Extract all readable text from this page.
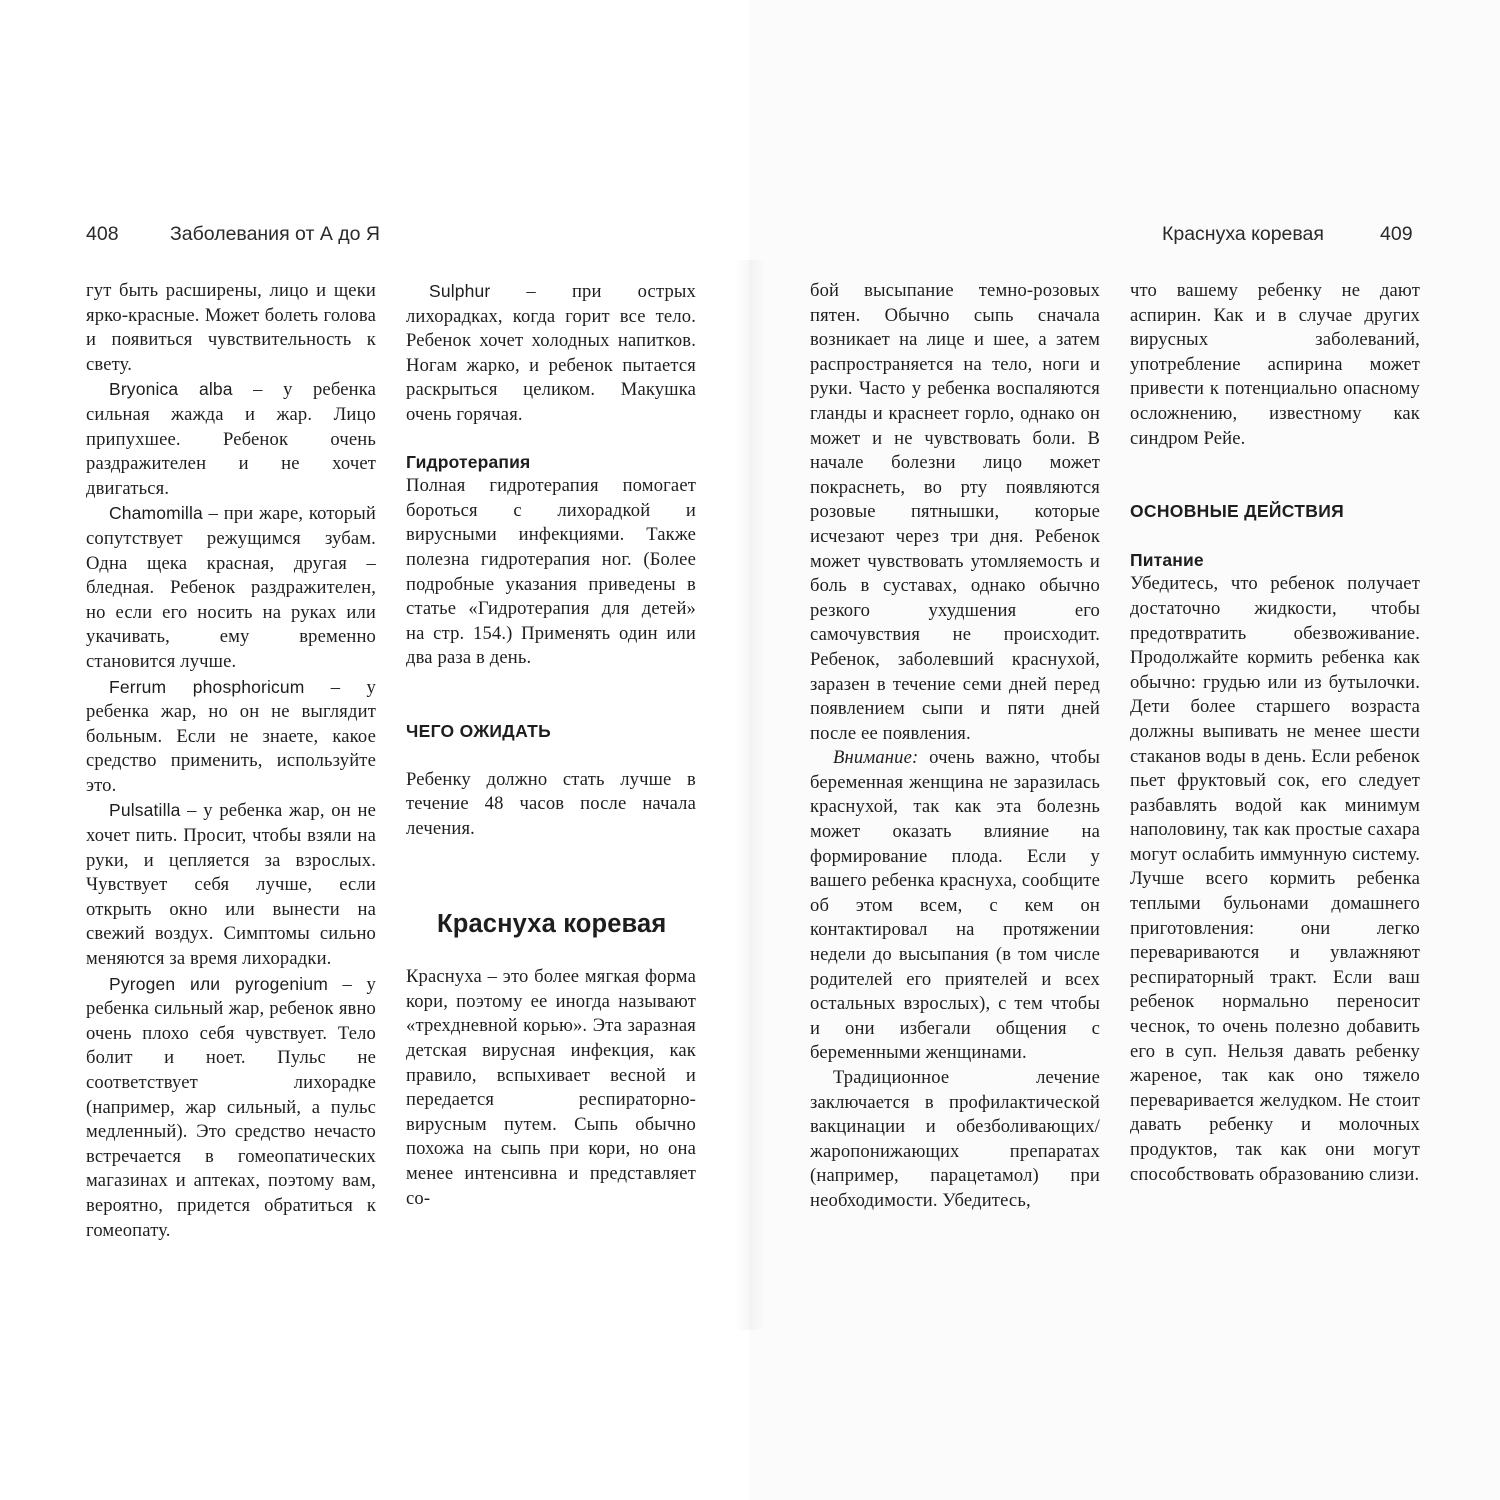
408	Заболевания от А до Я

гут быть расширены, лицо и щеки ярко-красные. Может болеть голова и появиться чувствительность к свету.

Bryonica alba – у ребенка сильная жажда и жар. Лицо припухшее. Ребенок очень раздражителен и не хочет двигаться.

Chamomilla – при жаре, который сопутствует режущимся зубам. Одна щека красная, другая – бледная. Ребенок раздражителен, но если его носить на руках или укачивать, ему временно становится лучше.

Ferrum phosphoricum – у ребенка жар, но он не выглядит больным. Если не знаете, какое средство применить, используйте это.

Pulsatilla – у ребенка жар, он не хочет пить. Просит, чтобы взяли на руки, и цепляется за взрослых. Чувствует себя лучше, если открыть окно или вынести на свежий воздух. Симптомы сильно меняются за время лихорадки.

Pyrogen или pyrogenium – у ребенка сильный жар, ребенок явно очень плохо себя чувствует. Тело болит и ноет. Пульс не соответствует лихорадке (например, жар сильный, а пульс медленный). Это средство нечасто встречается в гомеопатических магазинах и аптеках, поэтому вам, вероятно, придется обратиться к гомеопату.

Sulphur – при острых лихорадках, когда горит все тело. Ребенок хочет холодных напитков. Ногам жарко, и ребенок пытается раскрыться целиком. Макушка очень горячая.

Гидротерапия

Полная гидротерапия помогает бороться с лихорадкой и вирусными инфекциями. Также полезна гидротерапия ног. (Более подробные указания приведены в статье «Гидротерапия для детей» на стр. 154.) Применять один или два раза в день.

ЧЕГО ОЖИДАТЬ

Ребенку должно стать лучше в течение 48 часов после начала лечения.

Краснуха коревая

Краснуха – это более мягкая форма кори, поэтому ее иногда называют «трехдневной корью». Эта заразная детская вирусная инфекция, как правило, вспыхивает весной и передается респираторно-вирусным путем. Сыпь обычно похожа на сыпь при кори, но она менее интенсивна и представляет со-

Краснуха коревая	409

бой высыпание темно-розовых пятен. Обычно сыпь сначала возникает на лице и шее, а затем распространяется на тело, ноги и руки. Часто у ребенка воспаляются гланды и краснеет горло, однако он может и не чувствовать боли. В начале болезни лицо может покраснеть, во рту появляются розовые пятнышки, которые исчезают через три дня. Ребенок может чувствовать утомляемость и боль в суставах, однако обычно резкого ухудшения его самочувствия не происходит. Ребенок, заболевший краснухой, заразен в течение семи дней перед появлением сыпи и пяти дней после ее появления.

Внимание: очень важно, чтобы беременная женщина не заразилась краснухой, так как эта болезнь может оказать влияние на формирование плода. Если у вашего ребенка краснуха, сообщите об этом всем, с кем он контактировал на протяжении недели до высыпания (в том числе родителей его приятелей и всех остальных взрослых), с тем чтобы и они избегали общения с беременными женщинами.

Традиционное лечение заключается в профилактической вакцинации и обезболивающих/жаропонижающих препаратах (например, парацетамол) при необходимости. Убедитесь,

что вашему ребенку не дают аспирин. Как и в случае других вирусных заболеваний, употребление аспирина может привести к потенциально опасному осложнению, известному как синдром Рейе.

ОСНОВНЫЕ ДЕЙСТВИЯ
Питание

Убедитесь, что ребенок получает достаточно жидкости, чтобы предотвратить обезвоживание. Продолжайте кормить ребенка как обычно: грудью или из бутылочки. Дети более старшего возраста должны выпивать не менее шести стаканов воды в день. Если ребенок пьет фруктовый сок, его следует разбавлять водой как минимум наполовину, так как простые сахара могут ослабить иммунную систему. Лучше всего кормить ребенка теплыми бульонами домашнего приготовления: они легко перевариваются и увлажняют респираторный тракт. Если ваш ребенок нормально переносит чеснок, то очень полезно добавить его в суп. Нельзя давать ребенку жареное, так как оно тяжело переваривается желудком. Не стоит давать ребенку и молочных продуктов, так как они могут способствовать образованию слизи.
